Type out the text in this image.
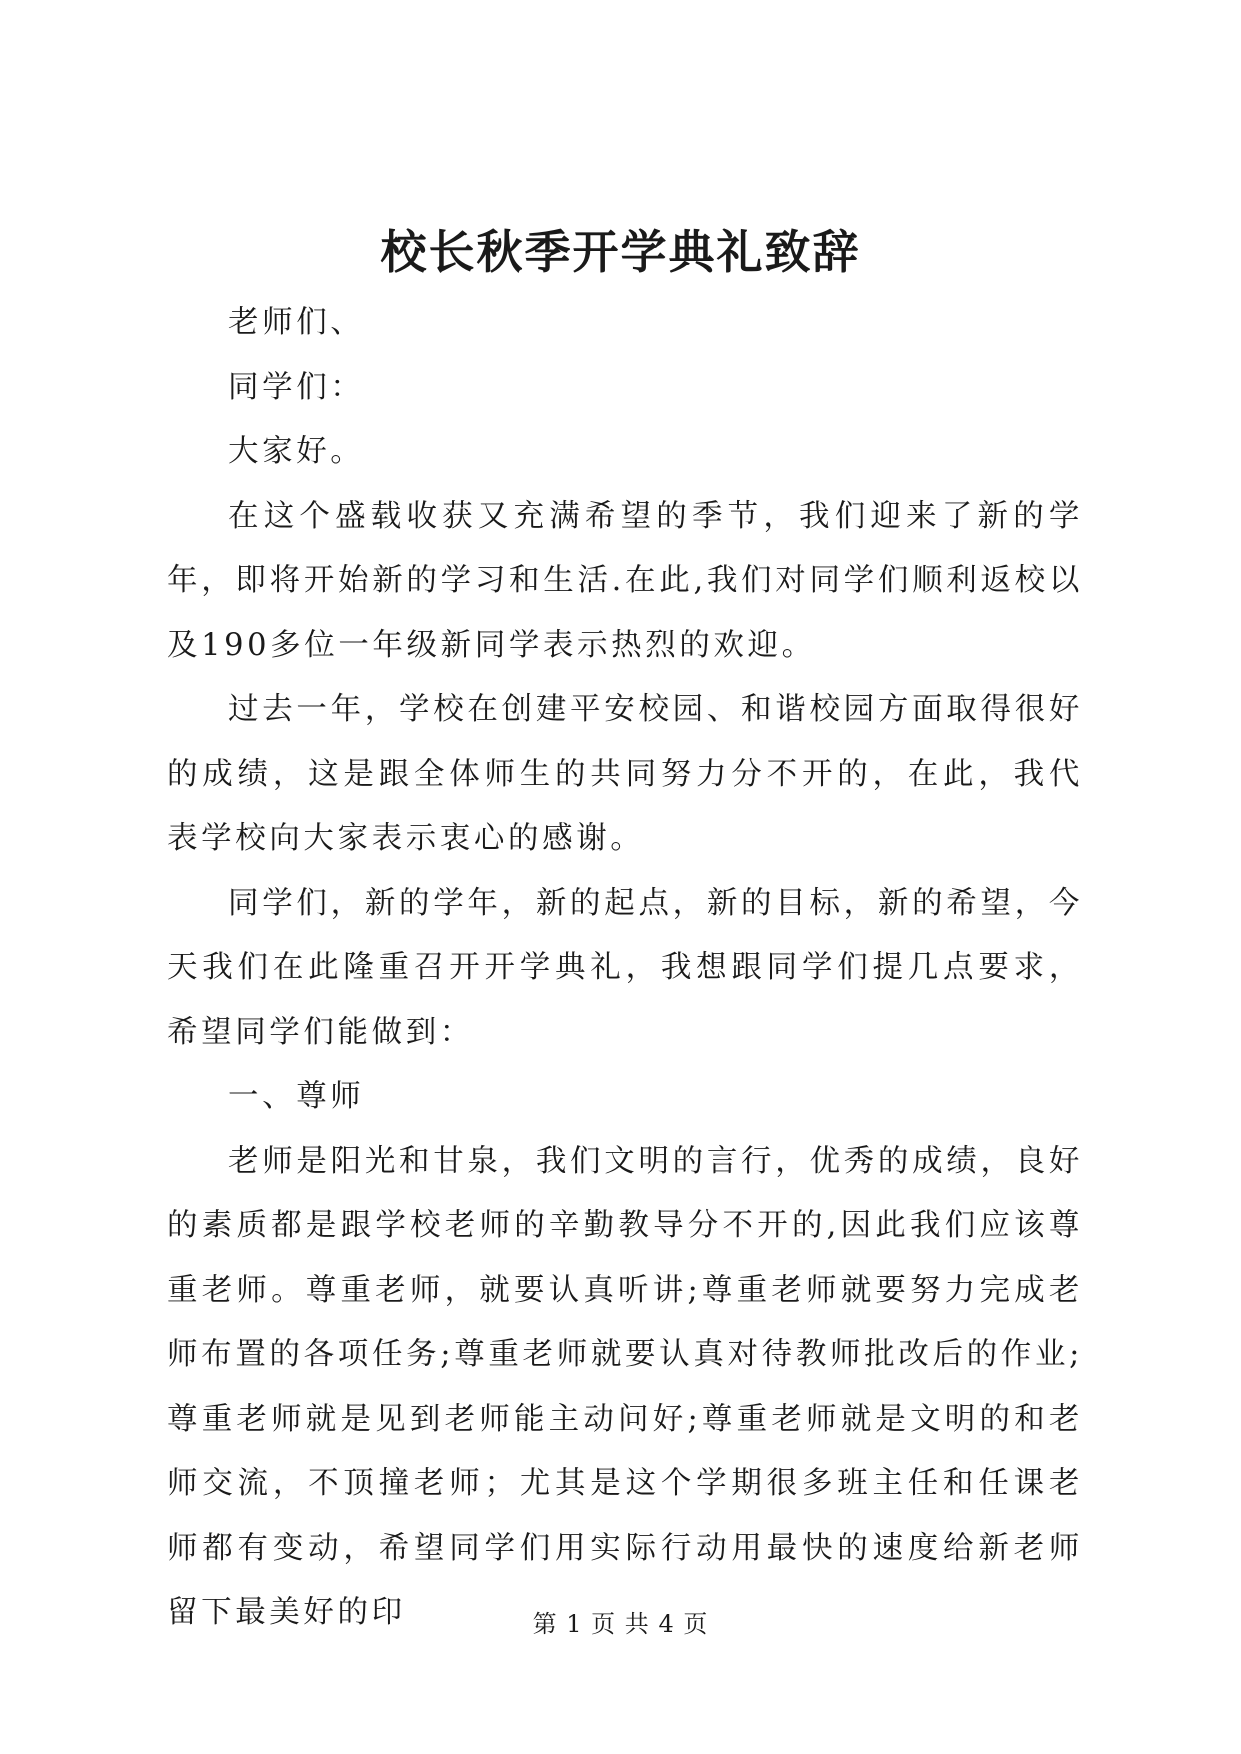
校长秋季开学典礼致辞

老师们、

同学们：

大家好。

在这个盛载收获又充满希望的季节，我们迎来了新的学年，即将开始新的学习和生活.在此,我们对同学们顺利返校以及190多位一年级新同学表示热烈的欢迎。

过去一年，学校在创建平安校园、和谐校园方面取得很好的成绩，这是跟全体师生的共同努力分不开的，在此，我代表学校向大家表示衷心的感谢。

同学们，新的学年，新的起点，新的目标，新的希望，今天我们在此隆重召开开学典礼，我想跟同学们提几点要求，希望同学们能做到：

一、尊师

老师是阳光和甘泉，我们文明的言行，优秀的成绩，良好的素质都是跟学校老师的辛勤教导分不开的,因此我们应该尊重老师。尊重老师，就要认真听讲;尊重老师就要努力完成老师布置的各项任务;尊重老师就要认真对待教师批改后的作业;尊重老师就是见到老师能主动问好;尊重老师就是文明的和老师交流，不顶撞老师；尤其是这个学期很多班主任和任课老师都有变动，希望同学们用实际行动用最快的速度给新老师留下最美好的印	第 1 页 共 4 页
